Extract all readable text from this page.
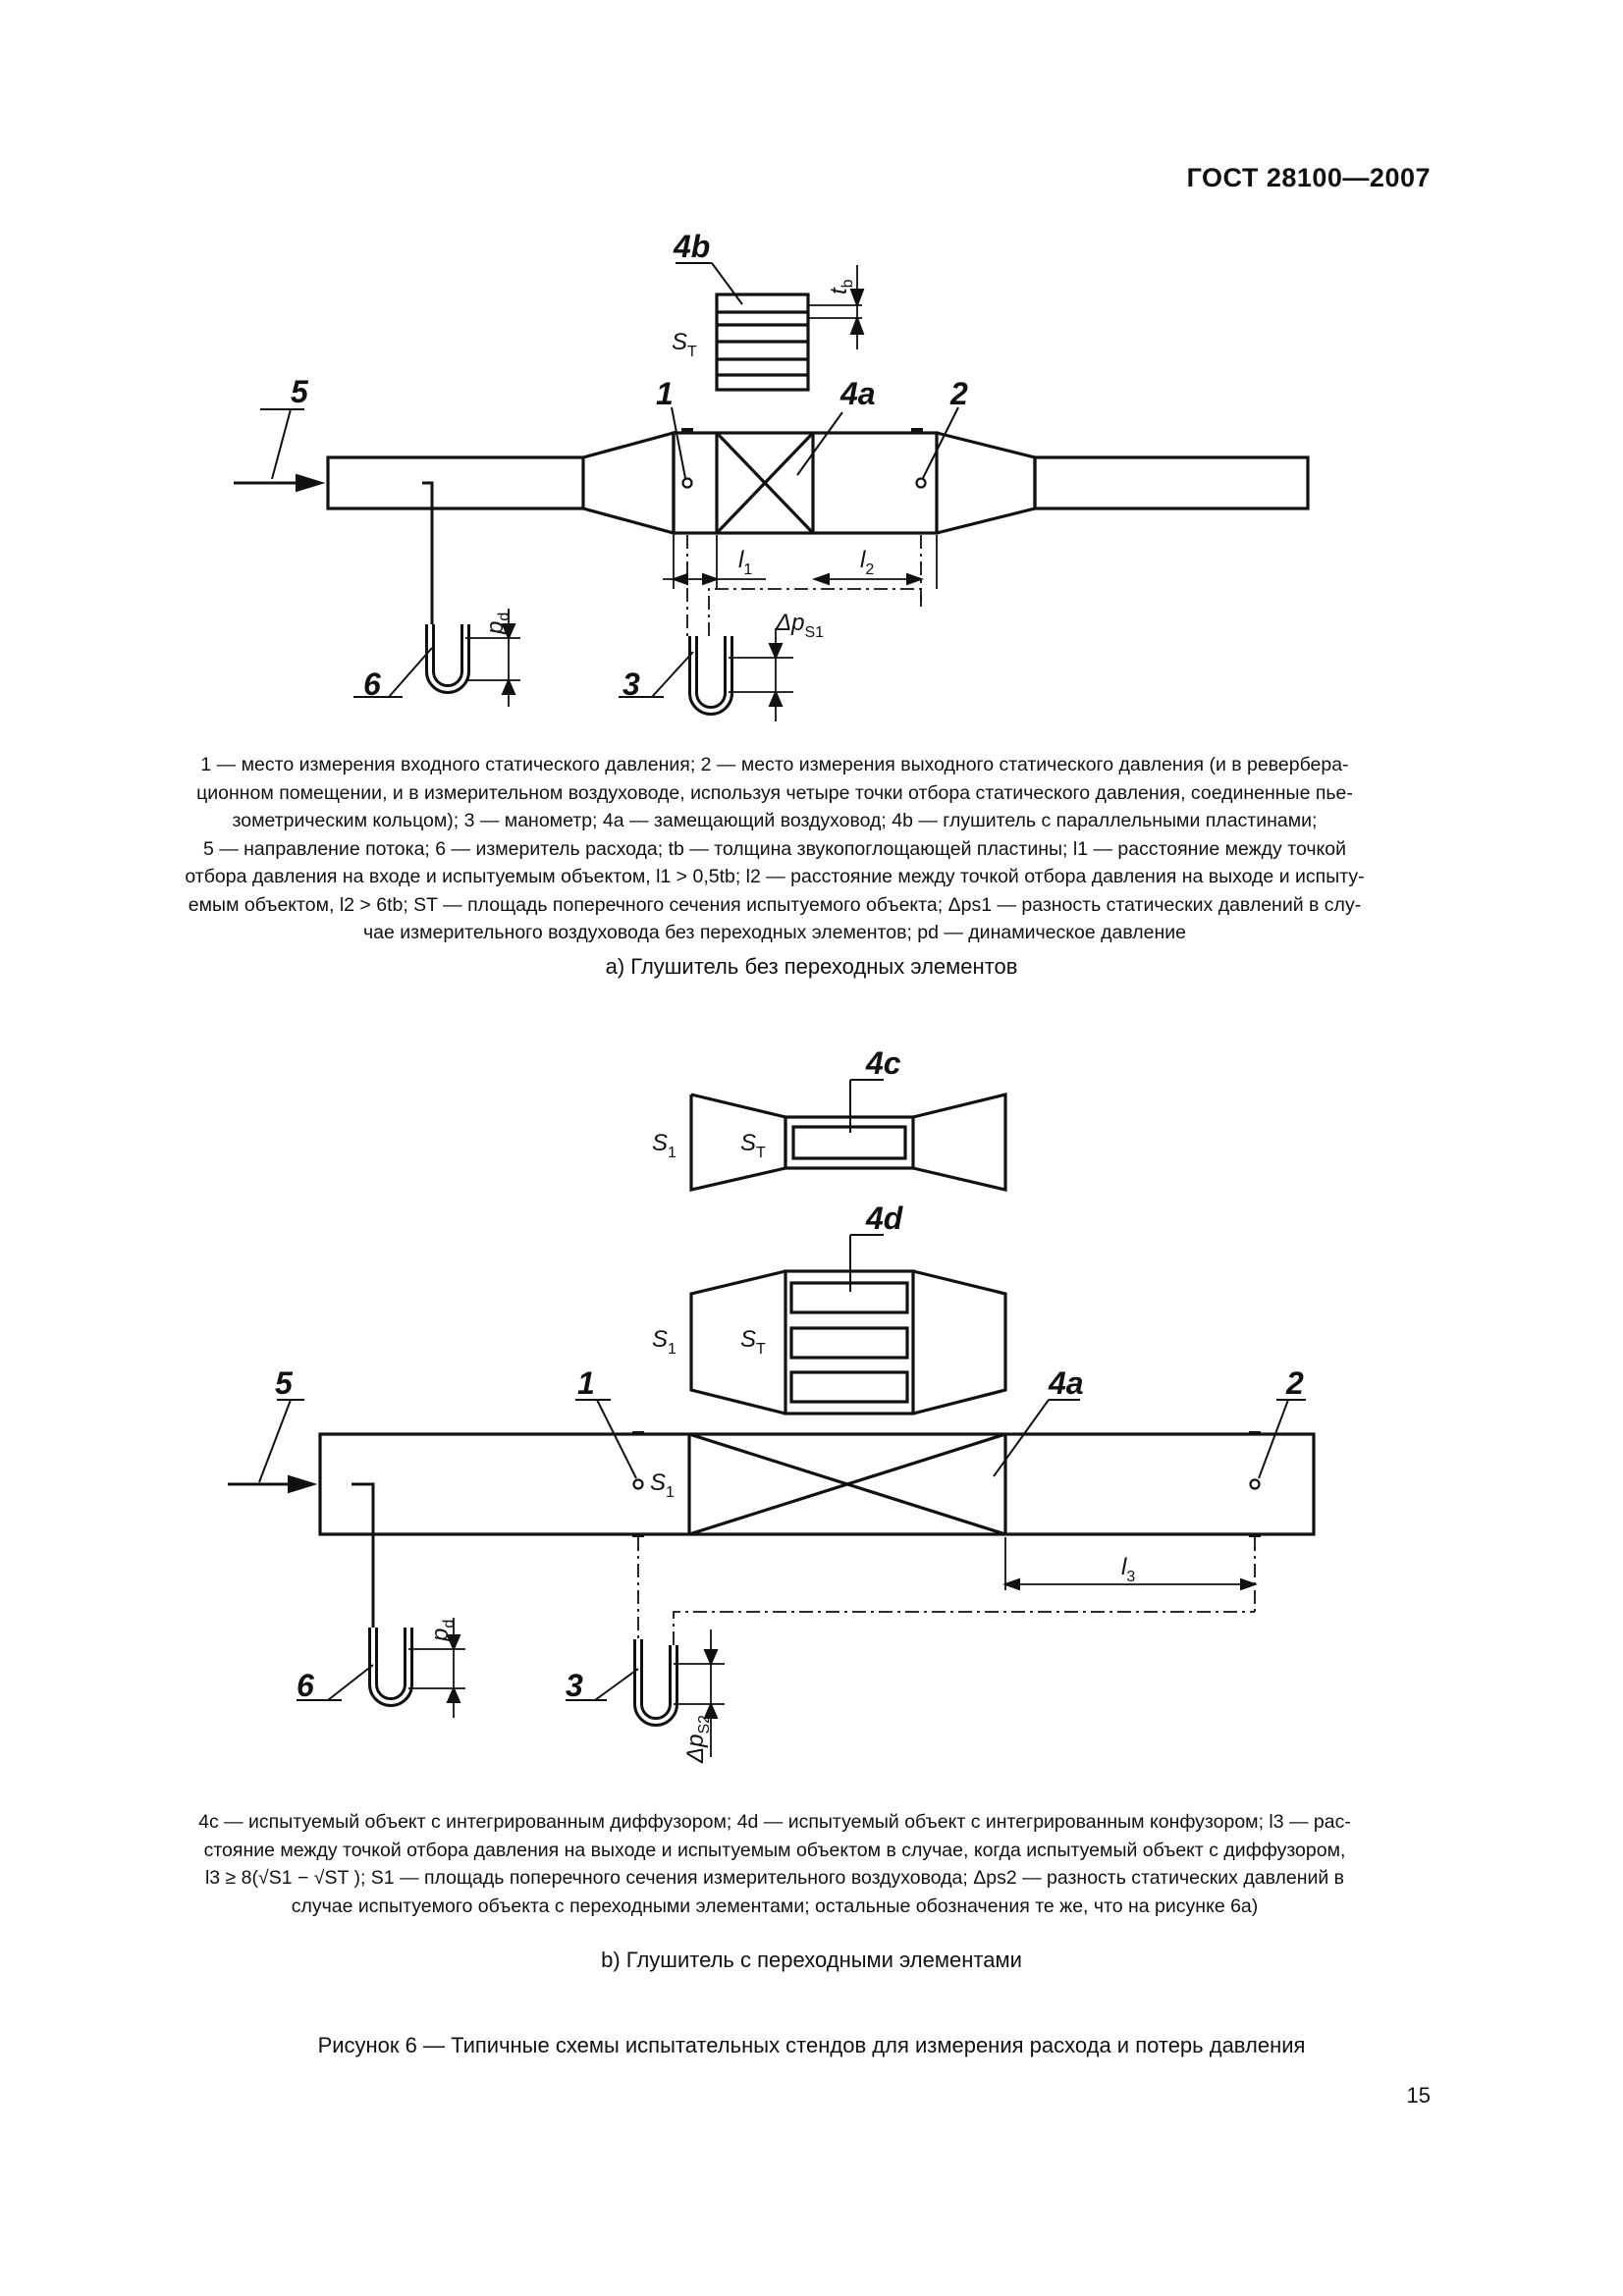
ГОСТ 28100—2007
4b
1	4a 2
5
6	3
$t_b$
$S_T$
$l_1$	$l_2$
$p_d$	$\Delta p_{S1}$
1 — место измерения входного статического давления; 2 — место измерения выходного статического давления (и в ревербера-
ционном помещении, и в измерительном воздуховоде, используя четыре точки отбора статического давления, соединенные пье-
зометрическим кольцом); 3 — манометр; 4a — замещающий воздуховод; 4b — глушитель с параллельными пластинами;
5 — направление потока; 6 — измеритель расхода; tb — толщина звукопоглощающей пластины; l1 — расстояние между точкой
отбора давления на входе и испытуемым объектом, l1 > 0,5tb; l2 — расстояние между точкой отбора давления на выходе и испыту-
емым объектом, l2 > 6tb; ST — площадь поперечного сечения испытуемого объекта; Δps1 — разность статических давлений в слу-
чае измерительного воздуховода без переходных элементов; pd — динамическое давление
а) Глушитель без переходных элементов
4c
4d
1	4a	2
5
6	3
$S_1$	$S_T$
$S_1$	$S_T$
$S_1$
$l_3$
$p_d$
$\Delta p_{S2}$
4c — испытуемый объект с интегрированным диффузором; 4d — испытуемый объект с интегрированным конфузором; l3 — рас-
стояние между точкой отбора давления на выходе и испытуемым объектом в случае, когда испытуемый объект с диффузором,
l3 ≥ 8(√S1 − √ST ); S1 — площадь поперечного сечения измерительного воздуховода; Δps2 — разность статических давлений в
случае испытуемого объекта с переходными элементами; остальные обозначения те же, что на рисунке 6а)
b) Глушитель с переходными элементами
Рисунок 6 — Типичные схемы испытательных стендов для измерения расхода и потерь давления
15
